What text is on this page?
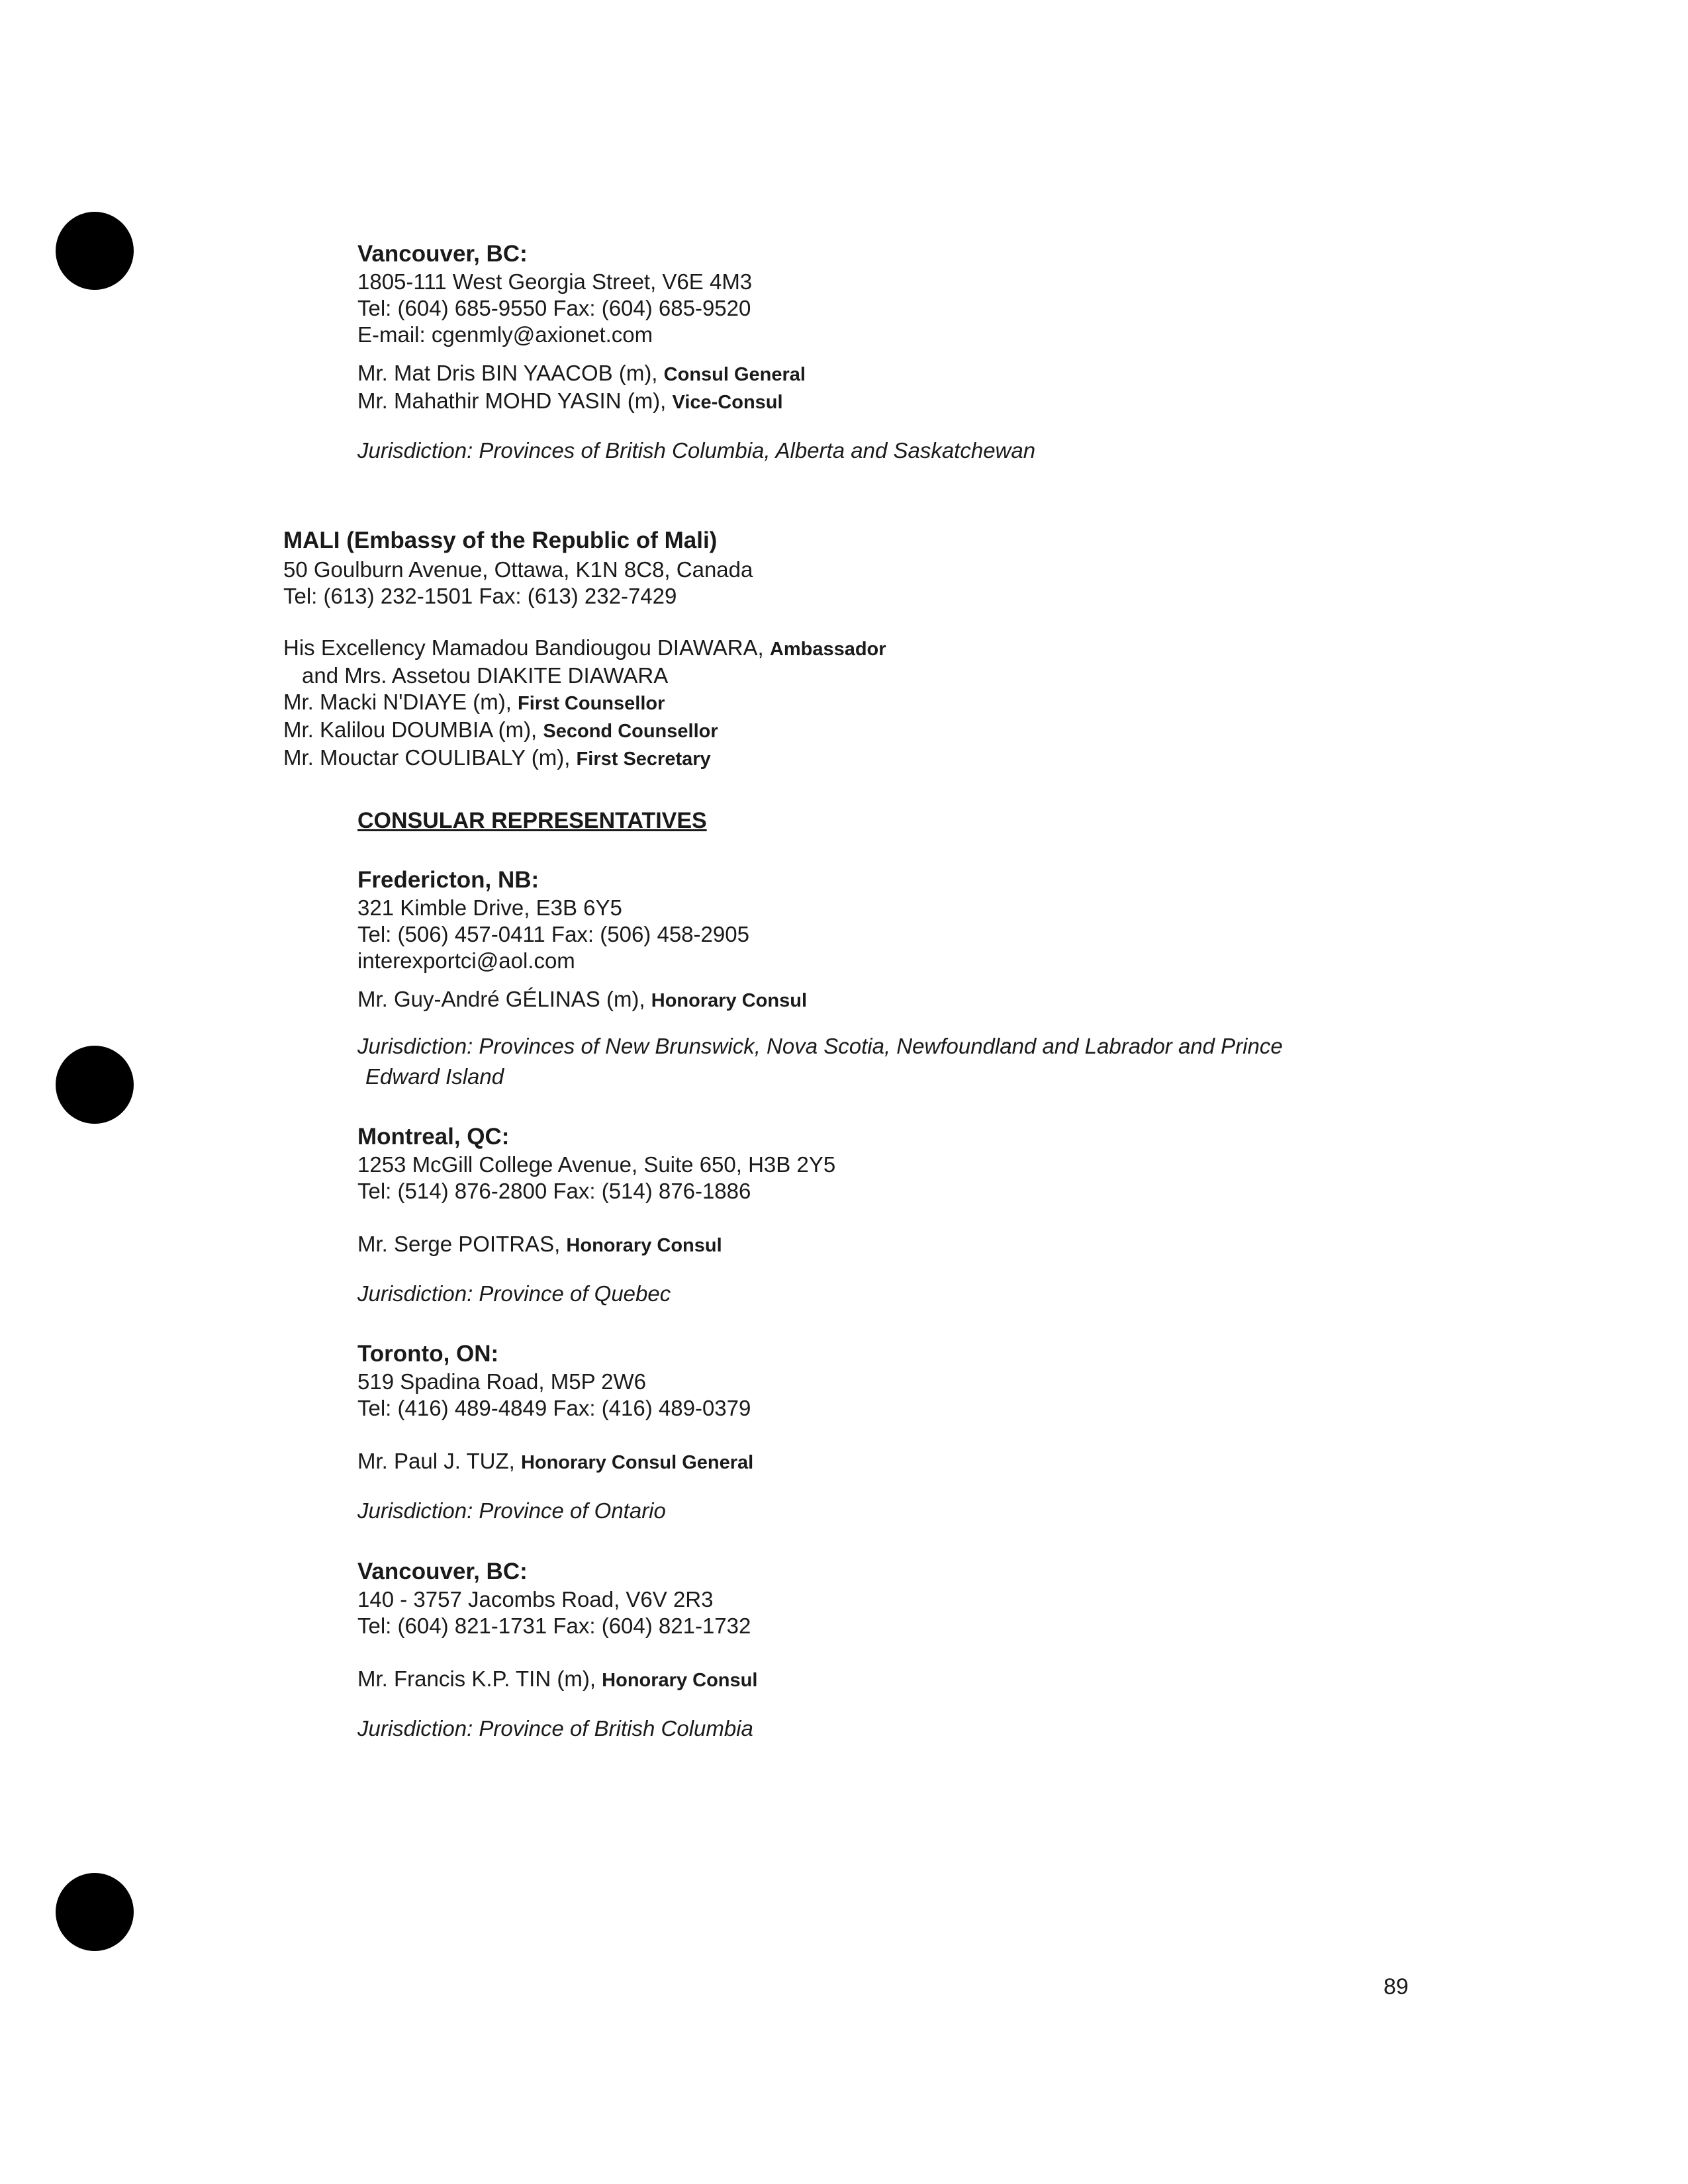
Vancouver, BC:
1805-111 West Georgia Street, V6E 4M3
Tel: (604) 685-9550 Fax: (604) 685-9520
E-mail: cgenmly@axionet.com
Mr. Mat Dris BIN YAACOB (m), Consul General
Mr. Mahathir MOHD YASIN (m), Vice-Consul
Jurisdiction: Provinces of British Columbia, Alberta and Saskatchewan
MALI (Embassy of the Republic of Mali)
50 Goulburn Avenue, Ottawa, K1N 8C8, Canada
Tel: (613) 232-1501 Fax: (613) 232-7429
His Excellency Mamadou Bandiougou DIAWARA, Ambassador
and Mrs. Assetou DIAKITE DIAWARA
Mr. Macki N'DIAYE (m), First Counsellor
Mr. Kalilou DOUMBIA (m), Second Counsellor
Mr. Mouctar COULIBALY (m), First Secretary
CONSULAR REPRESENTATIVES
Fredericton, NB:
321 Kimble Drive, E3B 6Y5
Tel: (506) 457-0411 Fax: (506) 458-2905
interexportci@aol.com
Mr. Guy-André GÉLINAS (m), Honorary Consul
Jurisdiction: Provinces of New Brunswick, Nova Scotia, Newfoundland and Labrador and Prince
Edward Island
Montreal, QC:
1253 McGill College Avenue, Suite 650, H3B 2Y5
Tel: (514) 876-2800 Fax: (514) 876-1886
Mr. Serge POITRAS, Honorary Consul
Jurisdiction: Province of Quebec
Toronto, ON:
519 Spadina Road, M5P 2W6
Tel: (416) 489-4849 Fax: (416) 489-0379
Mr. Paul J. TUZ, Honorary Consul General
Jurisdiction: Province of Ontario
Vancouver, BC:
140 - 3757 Jacombs Road, V6V 2R3
Tel: (604) 821-1731 Fax: (604) 821-1732
Mr. Francis K.P. TIN (m), Honorary Consul
Jurisdiction: Province of British Columbia
89
